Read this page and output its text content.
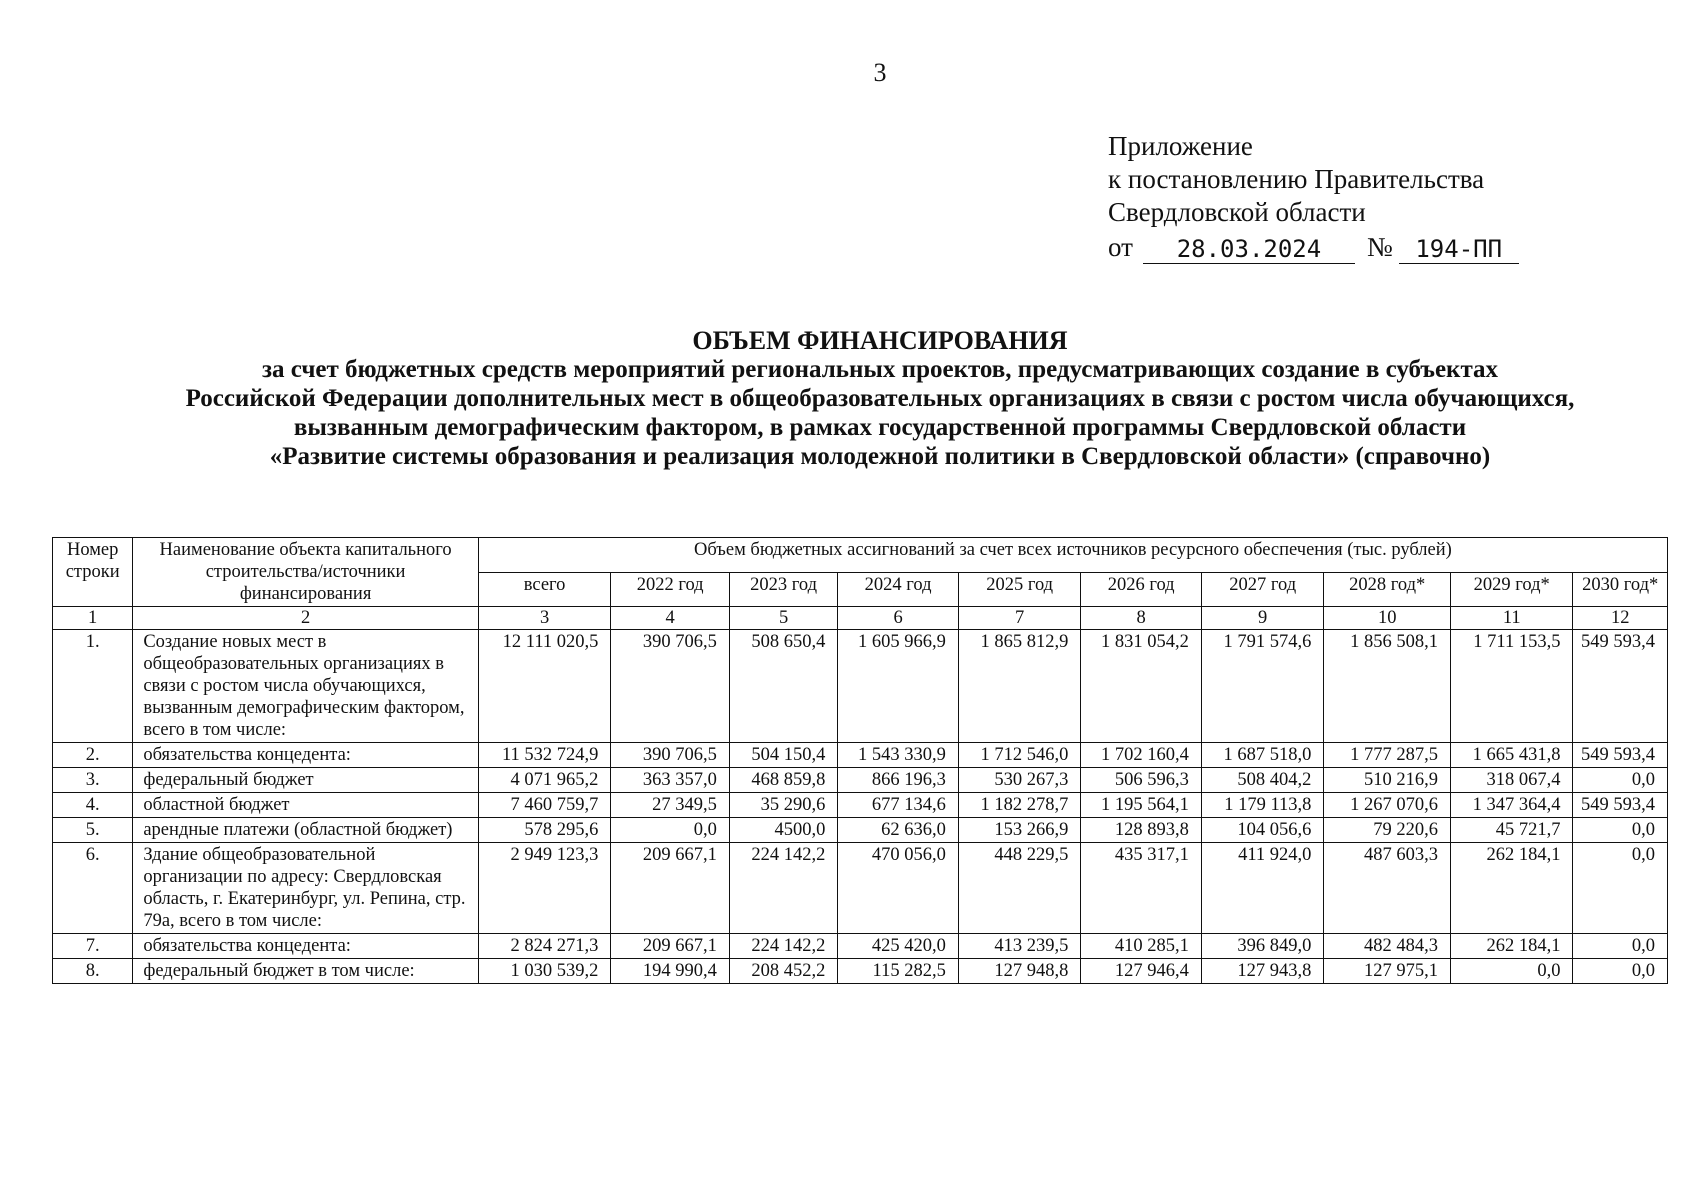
3
Приложение
к постановлению Правительства
Свердловской области
от	28.03.2024	№ 194-ПП
ОБЪЕМ ФИНАНСИРОВАНИЯ
за счет бюджетных средств мероприятий региональных проектов, предусматривающих создание в субъектах
Российской Федерации дополнительных мест в общеобразовательных организациях в связи с ростом числа обучающихся,
вызванным демографическим фактором, в рамках государственной программы Свердловской области
«Развитие системы образования и реализация молодежной политики в Свердловской области» (справочно)
Номер строки	Наименование объекта капитального строительства/источники финансирования	Объем бюджетных ассигнований за счет всех источников ресурсного обеспечения (тыс. рублей)									
		всего	2022 год	2023 год	2024 год	2025 год	2026 год	2027 год	2028 год*	2029 год*	2030 год*
1	2	3	4	5	6	7	8	9	10	11	12
1.	Создание новых мест в общеобразовательных организациях в связи с ростом числа обучающихся, вызванным демографическим фактором, всего в том числе:	12 111 020,5	390 706,5	508 650,4	1 605 966,9	1 865 812,9	1 831 054,2	1 791 574,6	1 856 508,1	1 711 153,5	549 593,4
2.	обязательства концедента:	11 532 724,9	390 706,5	504 150,4	1 543 330,9	1 712 546,0	1 702 160,4	1 687 518,0	1 777 287,5	1 665 431,8	549 593,4
3.	федеральный бюджет	4 071 965,2	363 357,0	468 859,8	866 196,3	530 267,3	506 596,3	508 404,2	510 216,9	318 067,4	0,0
4.	областной бюджет	7 460 759,7	27 349,5	35 290,6	677 134,6	1 182 278,7	1 195 564,1	1 179 113,8	1 267 070,6	1 347 364,4	549 593,4
5.	арендные платежи (областной бюджет)	578 295,6	0,0	4500,0	62 636,0	153 266,9	128 893,8	104 056,6	79 220,6	45 721,7	0,0
6.	Здание общеобразовательной организации по адресу: Свердловская область, г. Екатеринбург, ул. Репина, стр. 79а, всего в том числе:	2 949 123,3	209 667,1	224 142,2	470 056,0	448 229,5	435 317,1	411 924,0	487 603,3	262 184,1	0,0
7.	обязательства концедента:	2 824 271,3	209 667,1	224 142,2	425 420,0	413 239,5	410 285,1	396 849,0	482 484,3	262 184,1	0,0
8.	федеральный бюджет в том числе:	1 030 539,2	194 990,4	208 452,2	115 282,5	127 948,8	127 946,4	127 943,8	127 975,1	0,0	0,0
